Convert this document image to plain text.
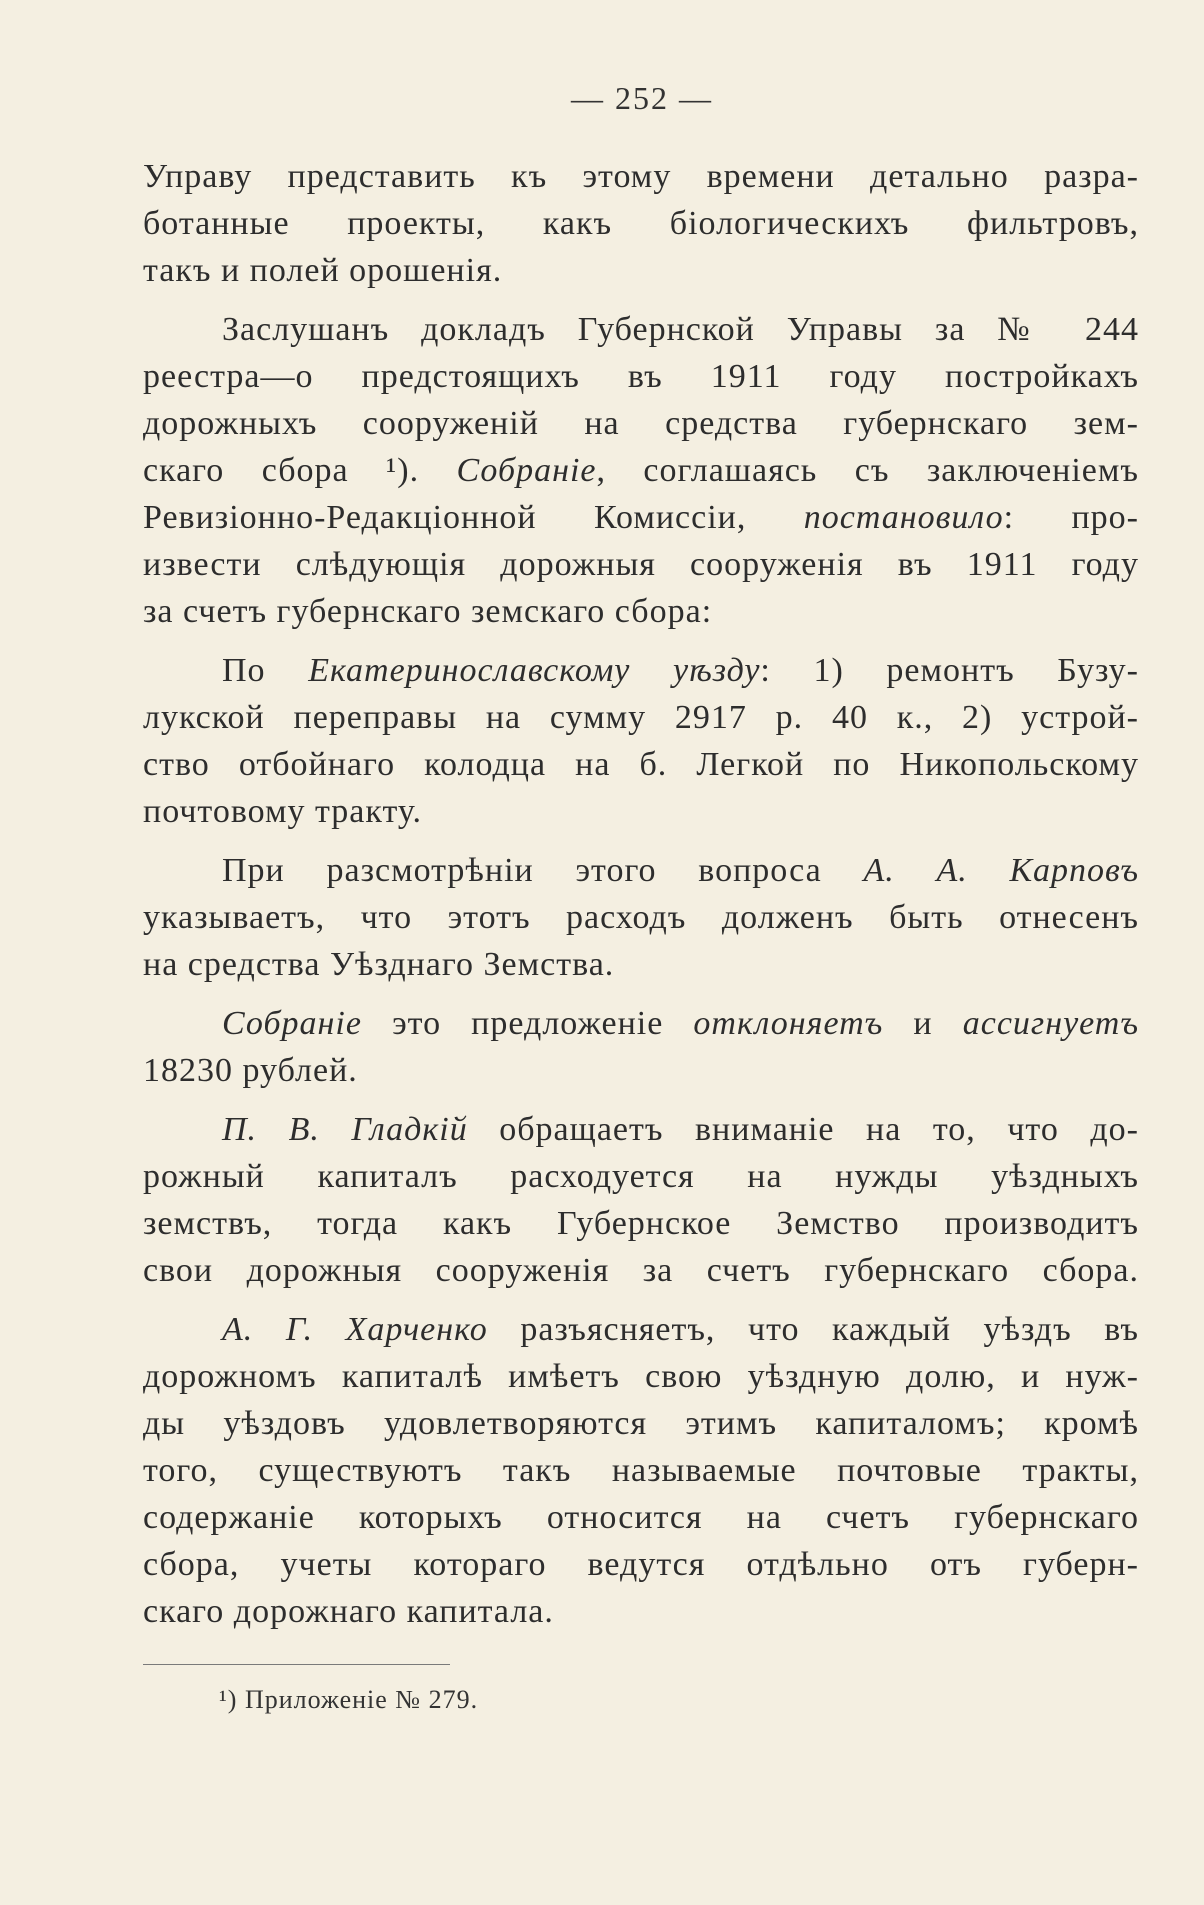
— 252 —
Управу представить къ этому времени детально разра-
ботанные проекты, какъ біологическихъ фильтровъ,
такъ и полей орошенія.
Заслушанъ докладъ Губернской Управы за № 244
реестра—о предстоящихъ въ 1911 году постройкахъ
дорожныхъ сооруженій на средства губернскаго зем-
скаго сбора ¹). Собраніе, соглашаясь съ заключеніемъ
Ревизіонно-Редакціонной Комиссіи, постановило: про-
извести слѣдующія дорожныя сооруженія въ 1911 году
за счетъ губернскаго земскаго сбора:
По Екатеринославскому уѣзду: 1) ремонтъ Бузу-
лукской переправы на сумму 2917 р. 40 к., 2) устрой-
ство отбойнаго колодца на б. Легкой по Никопольскому
почтовому тракту.
При разсмотрѣніи этого вопроса А. А. Карповъ
указываетъ, что этотъ расходъ долженъ быть отнесенъ
на средства Уѣзднаго Земства.
Собраніе это предложеніе отклоняетъ и ассигнуетъ
18230 рублей.
П. В. Гладкій обращаетъ вниманіе на то, что до-
рожный капиталъ расходуется на нужды уѣздныхъ
земствъ, тогда какъ Губернское Земство производитъ
свои дорожныя сооруженія за счетъ губернскаго сбора.
А. Г. Харченко разъясняетъ, что каждый уѣздъ въ
дорожномъ капиталѣ имѣетъ свою уѣздную долю, и нуж-
ды уѣздовъ удовлетворяются этимъ капиталомъ; кромѣ
того, существуютъ такъ называемые почтовые тракты,
содержаніе которыхъ относится на счетъ губернскаго
сбора, учеты котораго ведутся отдѣльно отъ губерн-
скаго дорожнаго капитала.
¹) Приложеніе № 279.
